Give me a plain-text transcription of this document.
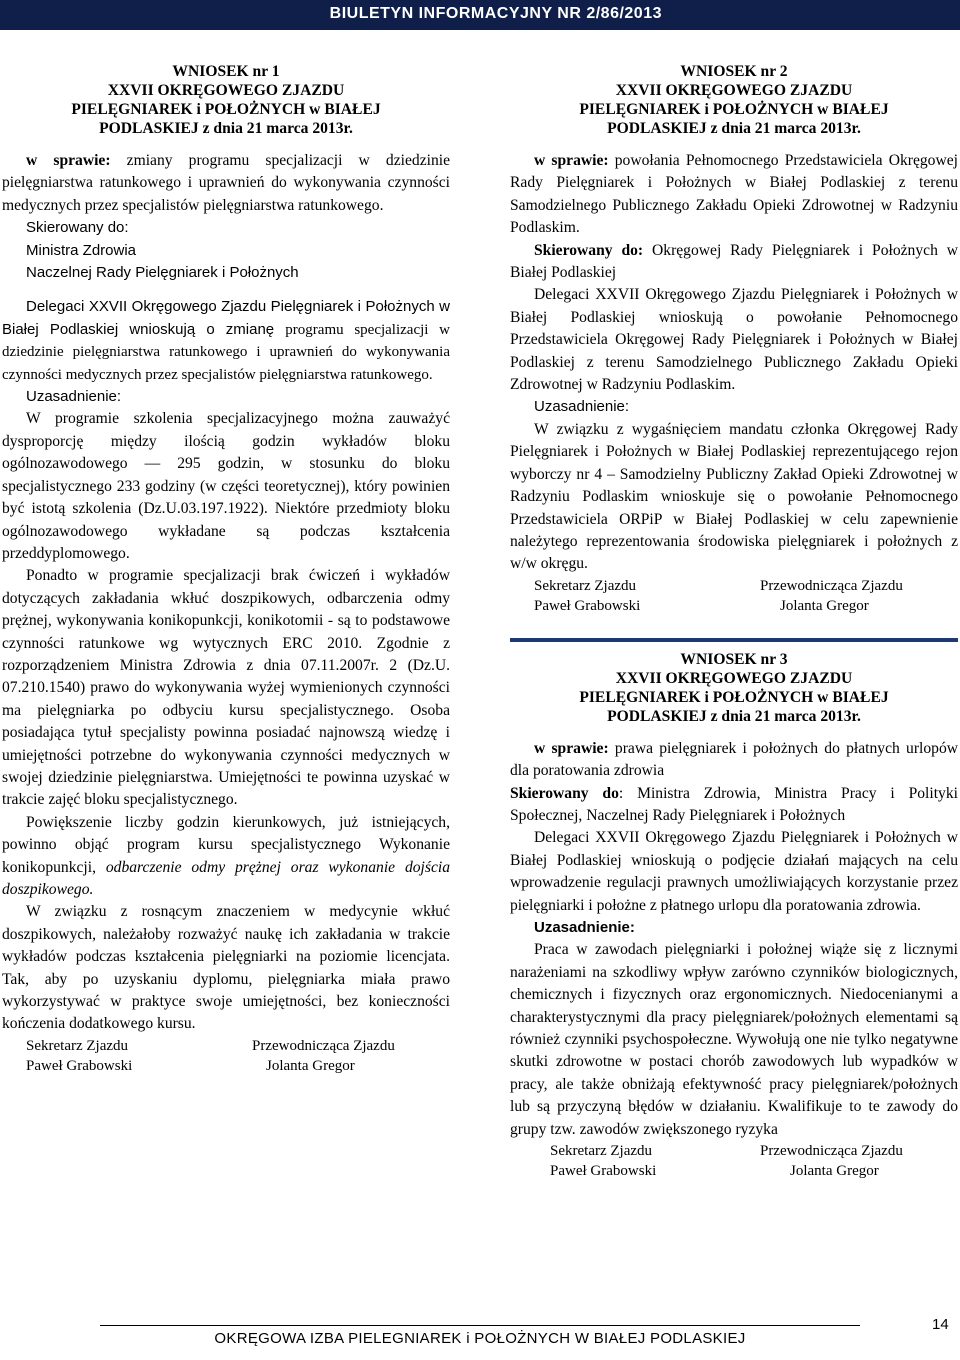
BIULETYN INFORMACYJNY NR 2/86/2013
WNIOSEK nr 1
XXVII OKRĘGOWEGO ZJAZDU
PIELĘGNIAREK i POŁOŻNYCH w BIAŁEJ
PODLASKIEJ z dnia 21 marca 2013r.

w sprawie: zmiany programu specjalizacji w dziedzinie pielęgniarstwa ratunkowego i uprawnień do wykonywania czynności medycznych przez specjalistów pielęgniarstwa ratunkowego.

Skierowany do:
Ministra Zdrowia
Naczelnej Rady Pielęgniarek i Położnych

Delegaci XXVII Okręgowego Zjazdu Pielęgniarek i Położnych w Białej Podlaskiej wnioskują o zmianę programu specjalizacji w dziedzinie pielęgniarstwa ratunkowego i uprawnień do wykonywania czynności medycznych przez specjalistów pielęgniarstwa ratunkowego.

Uzasadnienie:

W programie szkolenia specjalizacyjnego można zauważyć dysproporcję między ilością godzin wykładów bloku ogólnozawodowego — 295 godzin, w stosunku do bloku specjalistycznego 233 godziny (w części teoretycznej), który powinien być istotą szkolenia (Dz.U.03.197.1922). Niektóre przedmioty bloku ogólnozawodowego wykładane są podczas kształcenia przeddyplomowego.

Ponadto w programie specjalizacji brak ćwiczeń i wykładów dotyczących zakładania wkłuć doszpikowych, odbarczenia odmy prężnej, wykonywania konikopunkcji, konikotomii - są to podstawowe czynności ratunkowe wg wytycznych ERC 2010. Zgodnie z rozporządzeniem Ministra Zdrowia z dnia 07.11.2007r. 2 (Dz.U. 07.210.1540) prawo do wykonywania wyżej wymienionych czynności ma pielęgniarka po odbyciu kursu specjalistycznego. Osoba posiadająca tytuł specjalisty powinna posiadać najnowszą wiedzę i umiejętności potrzebne do wykonywania czynności medycznych w swojej dziedzinie pielęgniarstwa. Umiejętności te powinna uzyskać w trakcie zajęć bloku specjalistycznego.

Powiększenie liczby godzin kierunkowych, już istniejących, powinno objąć program kursu specjalistycznego Wykonanie konikopunkcji, odbarczenie odmy prężnej oraz wykonanie dojścia doszpikowego.

W związku z rosnącym znaczeniem w medycynie wkłuć doszpikowych, należałoby rozważyć naukę ich zakładania w trakcie wykładów podczas kształcenia pielęgniarki na poziomie licencjata. Tak, aby po uzyskaniu dyplomu, pielęgniarka miała prawo wykorzystywać w praktyce swoje umiejętności, bez konieczności kończenia dodatkowego kursu.

Sekretarz Zjazdu	Przewodnicząca Zjazdu
Paweł Grabowski	Jolanta Gregor
WNIOSEK nr 2
XXVII OKRĘGOWEGO ZJAZDU
PIELĘGNIAREK i POŁOŻNYCH w BIAŁEJ
PODLASKIEJ z dnia 21 marca 2013r.

w sprawie: powołania Pełnomocnego Przedstawiciela Okręgowej Rady Pielęgniarek i Położnych w Białej Podlaskiej z terenu Samodzielnego Publicznego Zakładu Opieki Zdrowotnej w Radzyniu Podlaskim.

Skierowany do: Okręgowej Rady Pielęgniarek i Położnych w Białej Podlaskiej

Delegaci XXVII Okręgowego Zjazdu Pielęgniarek i Położnych w Białej Podlaskiej wnioskują o powołanie Pełnomocnego Przedstawiciela Okręgowej Rady Pielęgniarek i Położnych w Białej Podlaskiej z terenu Samodzielnego Publicznego Zakładu Opieki Zdrowotnej w Radzyniu Podlaskim.

Uzasadnienie:

W związku z wygaśnięciem mandatu członka Okręgowej Rady Pielęgniarek i Położnych w Białej Podlaskiej reprezentującego rejon wyborczy nr 4 – Samodzielny Publiczny Zakład Opieki Zdrowotnej w Radzyniu Podlaskim wnioskuje się o powołanie Pełnomocnego Przedstawiciela ORPiP w Białej Podlaskiej w celu zapewnienie należytego reprezentowania środowiska pielęgniarek i położnych z w/w okręgu.

Sekretarz Zjazdu	Przewodnicząca Zjazdu
Paweł Grabowski	Jolanta Gregor
WNIOSEK nr 3
XXVII OKRĘGOWEGO ZJAZDU
PIELĘGNIAREK i POŁOŻNYCH w BIAŁEJ
PODLASKIEJ z dnia 21 marca 2013r.

w sprawie: prawa pielęgniarek i położnych do płatnych urlopów dla poratowania zdrowia

Skierowany do: Ministra Zdrowia, Ministra Pracy i Polityki Społecznej, Naczelnej Rady Pielęgniarek i Położnych

Delegaci XXVII Okręgowego Zjazdu Pielęgniarek i Położnych w Białej Podlaskiej wnioskują o podjęcie działań mających na celu wprowadzenie regulacji prawnych umożliwiających korzystanie przez pielęgniarki i położne z płatnego urlopu dla poratowania zdrowia.

Uzasadnienie:

Praca w zawodach pielęgniarki i położnej wiąże się z licznymi narażeniami na szkodliwy wpływ zarówno czynników biologicznych, chemicznych i fizycznych oraz ergonomicznych. Niedocenianymi a charakterystycznymi dla pracy pielęgniarek/położnych elementami są również czynniki psychospołeczne. Wywołują one nie tylko negatywne skutki zdrowotne w postaci chorób zawodowych lub wypadków w pracy, ale także obniżają efektywność pracy pielęgniarek/położnych lub są przyczyną błędów w działaniu. Kwalifikuje to te zawody do grupy tzw. zawodów zwiększonego ryzyka

Sekretarz Zjazdu	Przewodnicząca Zjazdu
Paweł Grabowski	Jolanta Gregor
OKRĘGOWA IZBA PIELEGNIAREK i POŁOŻNYCH W BIAŁEJ PODLASKIEJ
14
